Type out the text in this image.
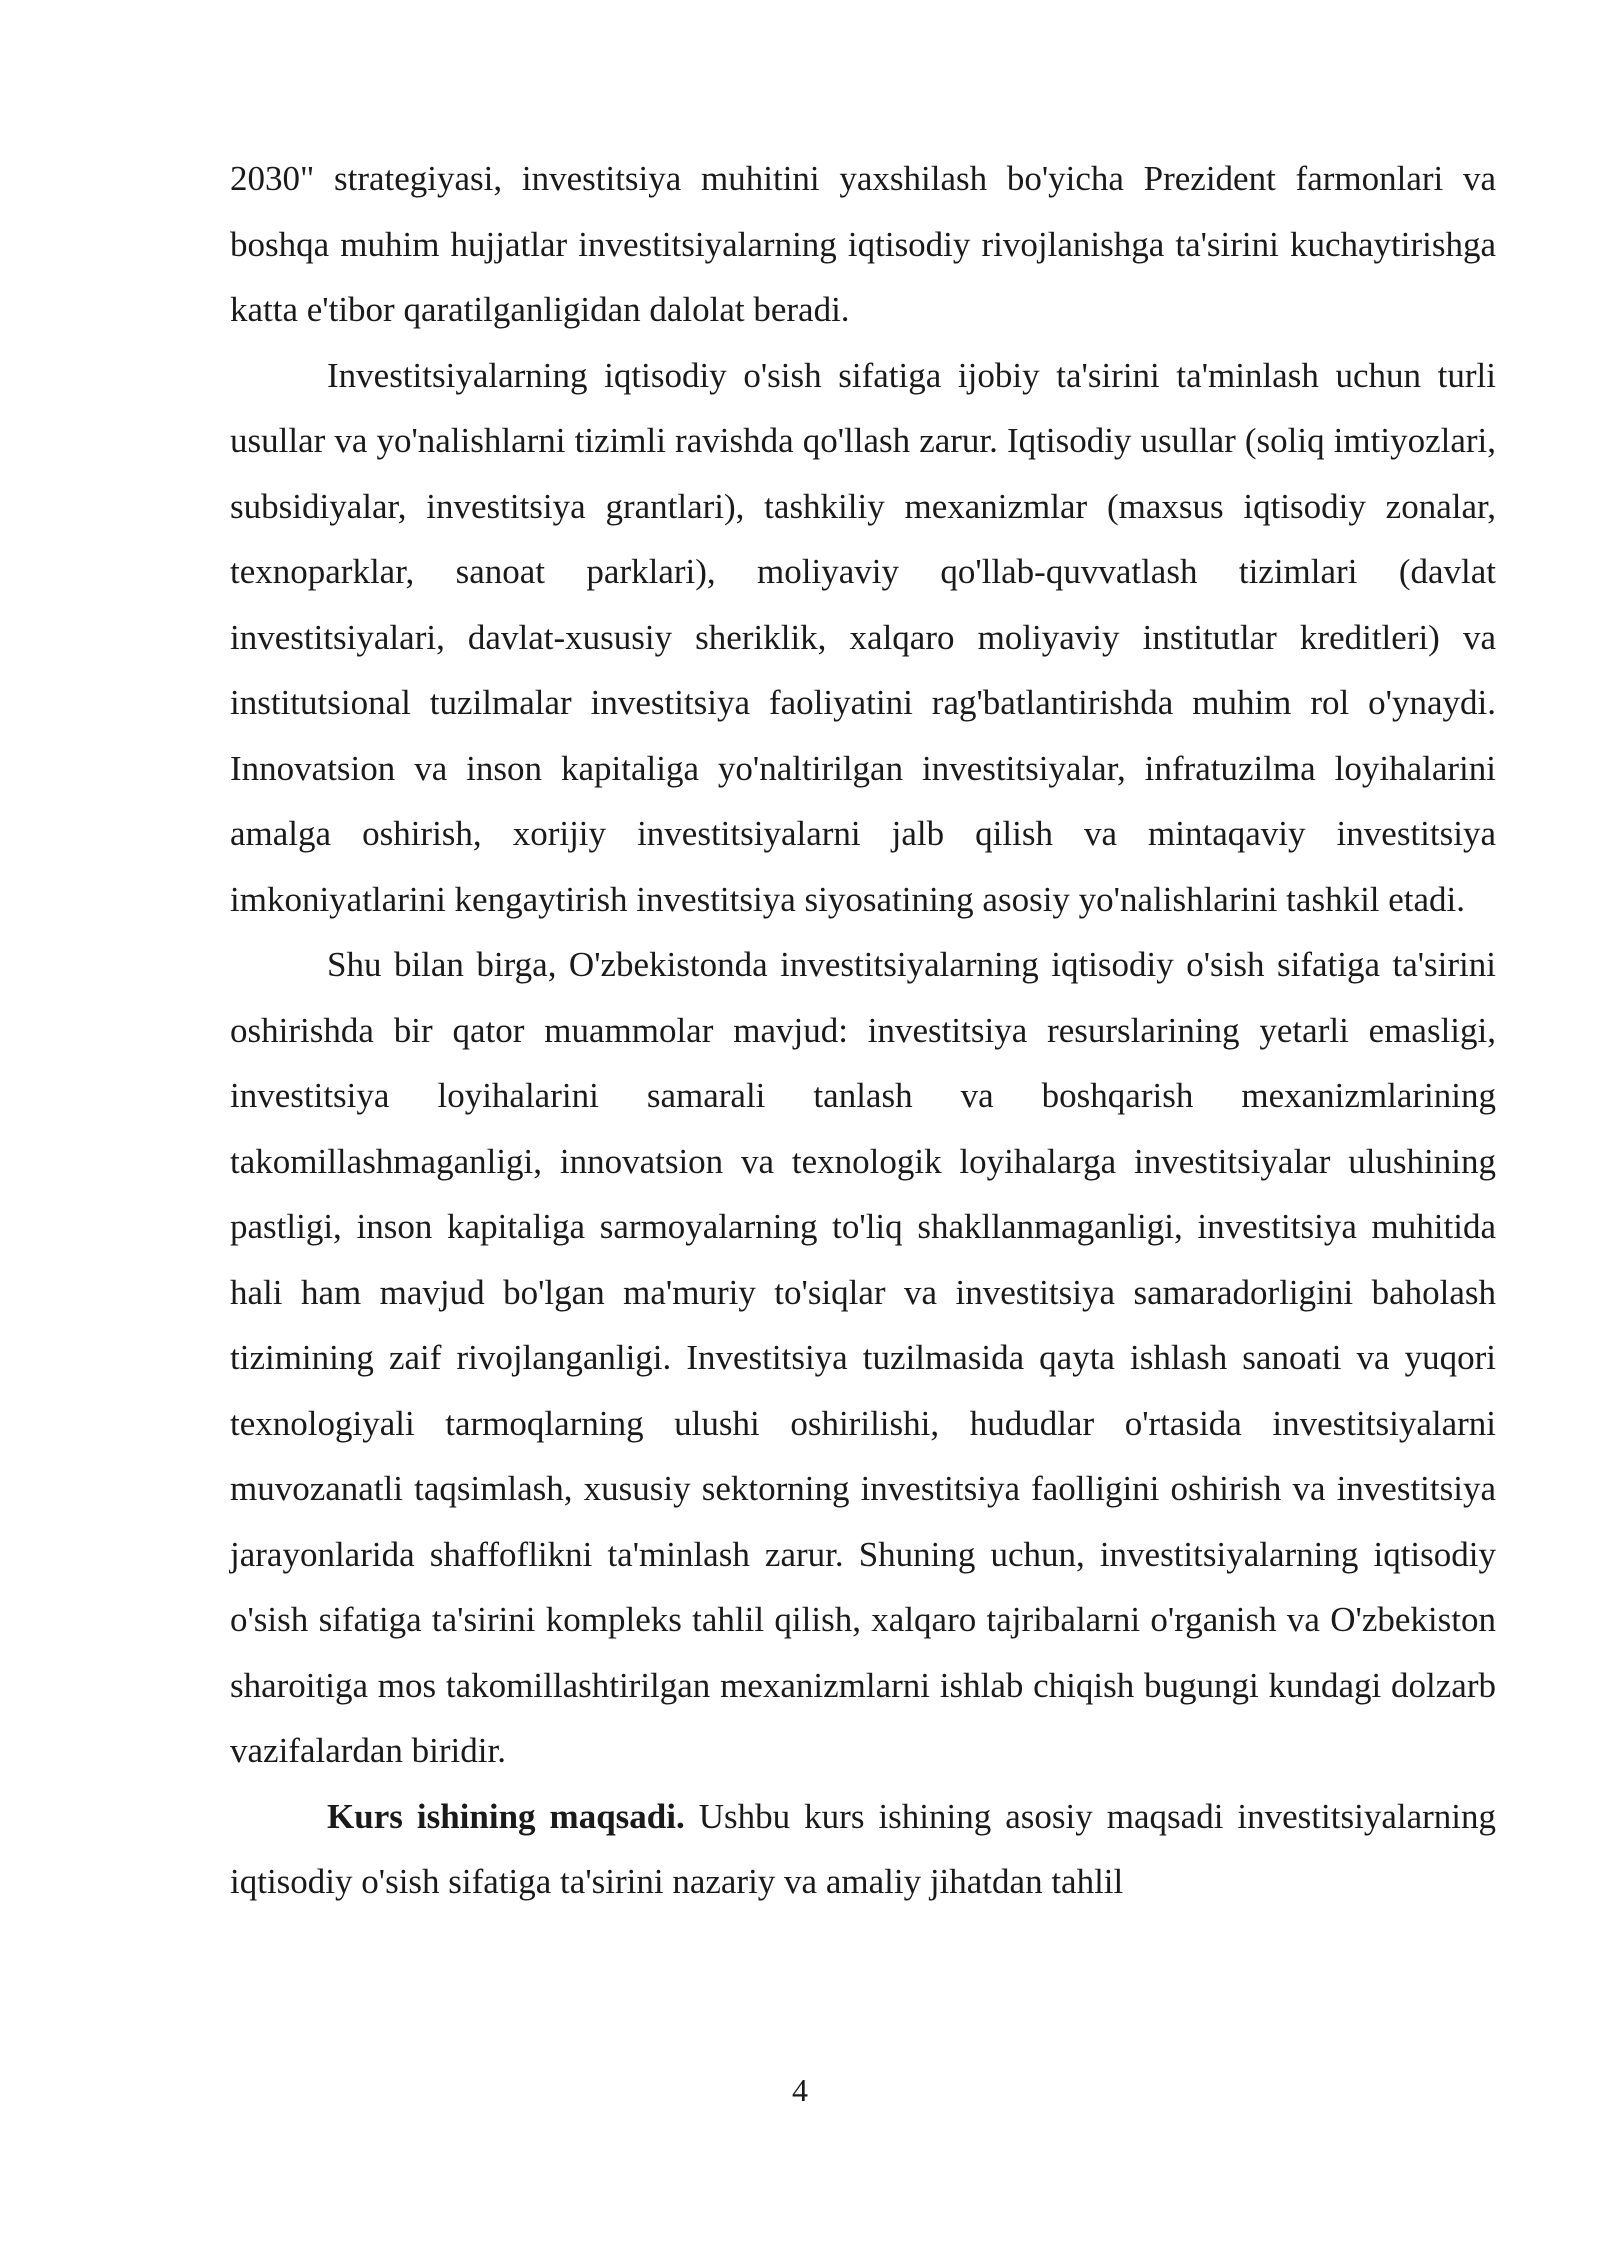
2030" strategiyasi, investitsiya muhitini yaxshilash bo'yicha Prezident farmonlari va boshqa muhim hujjatlar investitsiyalarning iqtisodiy rivojlanishga ta'sirini kuchaytirishga katta e'tibor qaratilganligidan dalolat beradi.

Investitsiyalarning iqtisodiy o'sish sifatiga ijobiy ta'sirini ta'minlash uchun turli usullar va yo'nalishlarni tizimli ravishda qo'llash zarur. Iqtisodiy usullar (soliq imtiyozlari, subsidiyalar, investitsiya grantlari), tashkiliy mexanizmlar (maxsus iqtisodiy zonalar, texnoparklar, sanoat parklari), moliyaviy qo'llab-quvvatlash tizimlari (davlat investitsiyalari, davlat-xususiy sheriklik, xalqaro moliyaviy institutlar kreditleri) va institutsional tuzilmalar investitsiya faoliyatini rag'batlantirishda muhim rol o'ynaydi. Innovatsion va inson kapitaliga yo'naltirilgan investitsiyalar, infratuzilma loyihalarini amalga oshirish, xorijiy investitsiyalarni jalb qilish va mintaqaviy investitsiya imkoniyatlarini kengaytirish investitsiya siyosatining asosiy yo'nalishlarini tashkil etadi.

Shu bilan birga, O'zbekistonda investitsiyalarning iqtisodiy o'sish sifatiga ta'sirini oshirishda bir qator muammolar mavjud: investitsiya resurslarining yetarli emasligi, investitsiya loyihalarini samarali tanlash va boshqarish mexanizmlarining takomillashmaganligi, innovatsion va texnologik loyihalarga investitsiyalar ulushining pastligi, inson kapitaliga sarmoyalarning to'liq shakllanmaganligi, investitsiya muhitida hali ham mavjud bo'lgan ma'muriy to'siqlar va investitsiya samaradorligini baholash tizimining zaif rivojlanganligi. Investitsiya tuzilmasida qayta ishlash sanoati va yuqori texnologiyali tarmoqlarning ulushi oshirilishi, hududlar o'rtasida investitsiyalarni muvozanatli taqsimlash, xususiy sektorning investitsiya faolligini oshirish va investitsiya jarayonlarida shaffoflikni ta'minlash zarur. Shuning uchun, investitsiyalarning iqtisodiy o'sish sifatiga ta'sirini kompleks tahlil qilish, xalqaro tajribalarni o'rganish va O'zbekiston sharoitiga mos takomillashtirilgan mexanizmlarni ishlab chiqish bugungi kundagi dolzarb vazifalardan biridir.

Kurs ishining maqsadi. Ushbu kurs ishining asosiy maqsadi investitsiyalarning iqtisodiy o'sish sifatiga ta'sirini nazariy va amaliy jihatdan tahlil

4
